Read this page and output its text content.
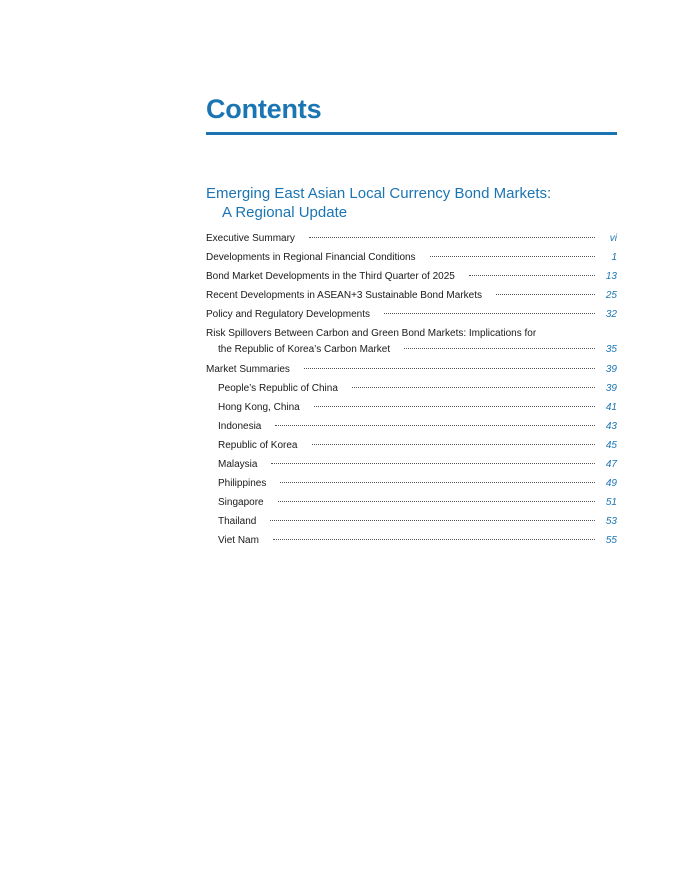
Contents
Emerging East Asian Local Currency Bond Markets:
A Regional Update
Executive Summary	vi
Developments in Regional Financial Conditions	1
Bond Market Developments in the Third Quarter of 2025	13
Recent Developments in ASEAN+3 Sustainable Bond Markets	25
Policy and Regulatory Developments	32
Risk Spillovers Between Carbon and Green Bond Markets: Implications for
the Republic of Korea’s Carbon Market	35
Market Summaries	39
People’s Republic of China	39
Hong Kong, China	41
Indonesia	43
Republic of Korea	45
Malaysia	47
Philippines	49
Singapore	51
Thailand	53
Viet Nam	55
